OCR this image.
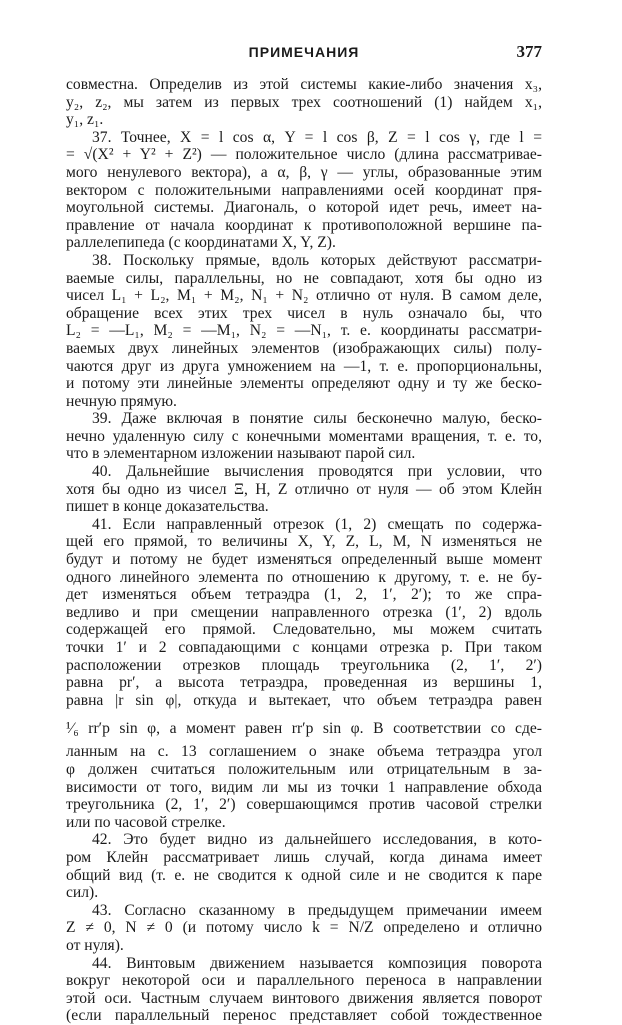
ПРИМЕЧАНИЯ	377
совместна. Определив из этой системы какие-либо значения x₃,
y₂, z₂, мы затем из первых трех соотношений (1) найдем x₁,
y₁, z₁.
37. Точнее, X = l cos α, Y = l cos β, Z = l cos γ, где l =
= √(X² + Y² + Z²) — положительное число (длина рассматривае-
мого ненулевого вектора), а α, β, γ — углы, образованные этим
вектором с положительными направлениями осей координат пря-
моугольной системы. Диагональ, о которой идет речь, имеет на-
правление от начала координат к противоположной вершине па-
раллелепипеда (с координатами X, Y, Z).
38. Поскольку прямые, вдоль которых действуют рассматри-
ваемые силы, параллельны, но не совпадают, хотя бы одно из
чисел L₁ + L₂, M₁ + M₂, N₁ + N₂ отлично от нуля. В самом деле,
обращение всех этих трех чисел в нуль означало бы, что
L₂ = —L₁, M₂ = —M₁, N₂ = —N₁, т. е. координаты рассматри-
ваемых двух линейных элементов (изображающих силы) полу-
чаются друг из друга умножением на —1, т. е. пропорциональны,
и потому эти линейные элементы определяют одну и ту же беско-
нечную прямую.
39. Даже включая в понятие силы бесконечно малую, беско-
нечно удаленную силу с конечными моментами вращения, т. е. то,
что в элементарном изложении называют парой сил.
40. Дальнейшие вычисления проводятся при условии, что
хотя бы одно из чисел Ξ, H, Z отлично от нуля — об этом Клейн
пишет в конце доказательства.
41. Если направленный отрезок (1, 2) смещать по содержа-
щей его прямой, то величины X, Y, Z, L, M, N изменяться не
будут и потому не будет изменяться определенный выше момент
одного линейного элемента по отношению к другому, т. е. не бу-
дет изменяться объем тетраэдра (1, 2, 1′, 2′); то же спра-
ведливо и при смещении направленного отрезка (1′, 2) вдоль
содержащей его прямой. Следовательно, мы можем считать
точки 1′ и 2 совпадающими с концами отрезка p. При таком
расположении отрезков площадь треугольника (2, 1′, 2′)
равна pr′, а высота тетраэдра, проведенная из вершины 1,
равна |r sin φ|, откуда и вытекает, что объем тетраэдра равен
¹⁄₆ rr′p sin φ, а момент равен rr′p sin φ. В соответствии со сде-
ланным на с. 13 соглашением о знаке объема тетраэдра угол
φ должен считаться положительным или отрицательным в за-
висимости от того, видим ли мы из точки 1 направление обхода
треугольника (2, 1′, 2′) совершающимся против часовой стрелки
или по часовой стрелке.
42. Это будет видно из дальнейшего исследования, в кото-
ром Клейн рассматривает лишь случай, когда динама имеет
общий вид (т. е. не сводится к одной силе и не сводится к паре
сил).
43. Согласно сказанному в предыдущем примечании имеем
Z ≠ 0, N ≠ 0 (и потому число k = N/Z определено и отлично
от нуля).
44. Винтовым движением называется композиция поворота
вокруг некоторой оси и параллельного переноса в направлении
этой оси. Частным случаем винтового движения является поворот
(если параллельный перенос представляет собой тождественное
